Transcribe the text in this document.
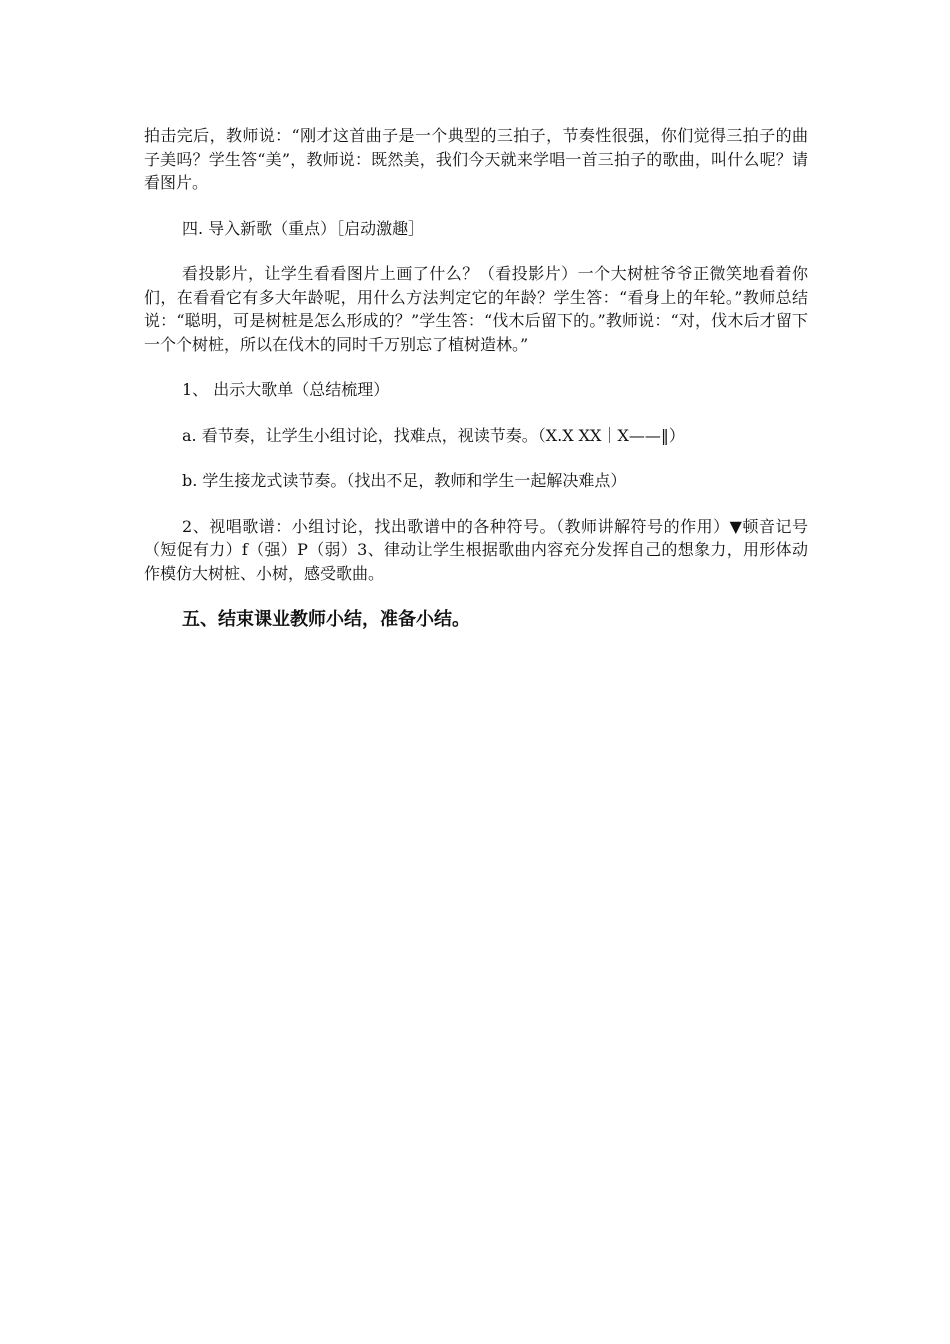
拍击完后，教师说：“刚才这首曲子是一个典型的三拍子，节奏性很强，你们觉得三拍子的曲子美吗？学生答“美”，教师说：既然美，我们今天就来学唱一首三拍子的歌曲，叫什么呢？请看图片。

四. 导入新歌（重点）［启动激趣］

看投影片，让学生看看图片上画了什么？（看投影片）一个大树桩爷爷正微笑地看着你们，在看看它有多大年龄呢，用什么方法判定它的年龄？学生答：“看身上的年轮。”教师总结说：“聪明，可是树桩是怎么形成的？”学生答：“伐木后留下的。”教师说：“对，伐木后才留下一个个树桩，所以在伐木的同时千万别忘了植树造林。”

1、 出示大歌单（总结梳理）

a. 看节奏，让学生小组讨论，找难点，视读节奏。（X.X XX｜X——‖）

b. 学生接龙式读节奏。（找出不足，教师和学生一起解决难点）

2、视唱歌谱：小组讨论，找出歌谱中的各种符号。（教师讲解符号的作用）▼顿音记号（短促有力）f（强）P（弱）3、律动让学生根据歌曲内容充分发挥自己的想象力，用形体动作模仿大树桩、小树，感受歌曲。

五、结束课业教师小结，准备小结。
